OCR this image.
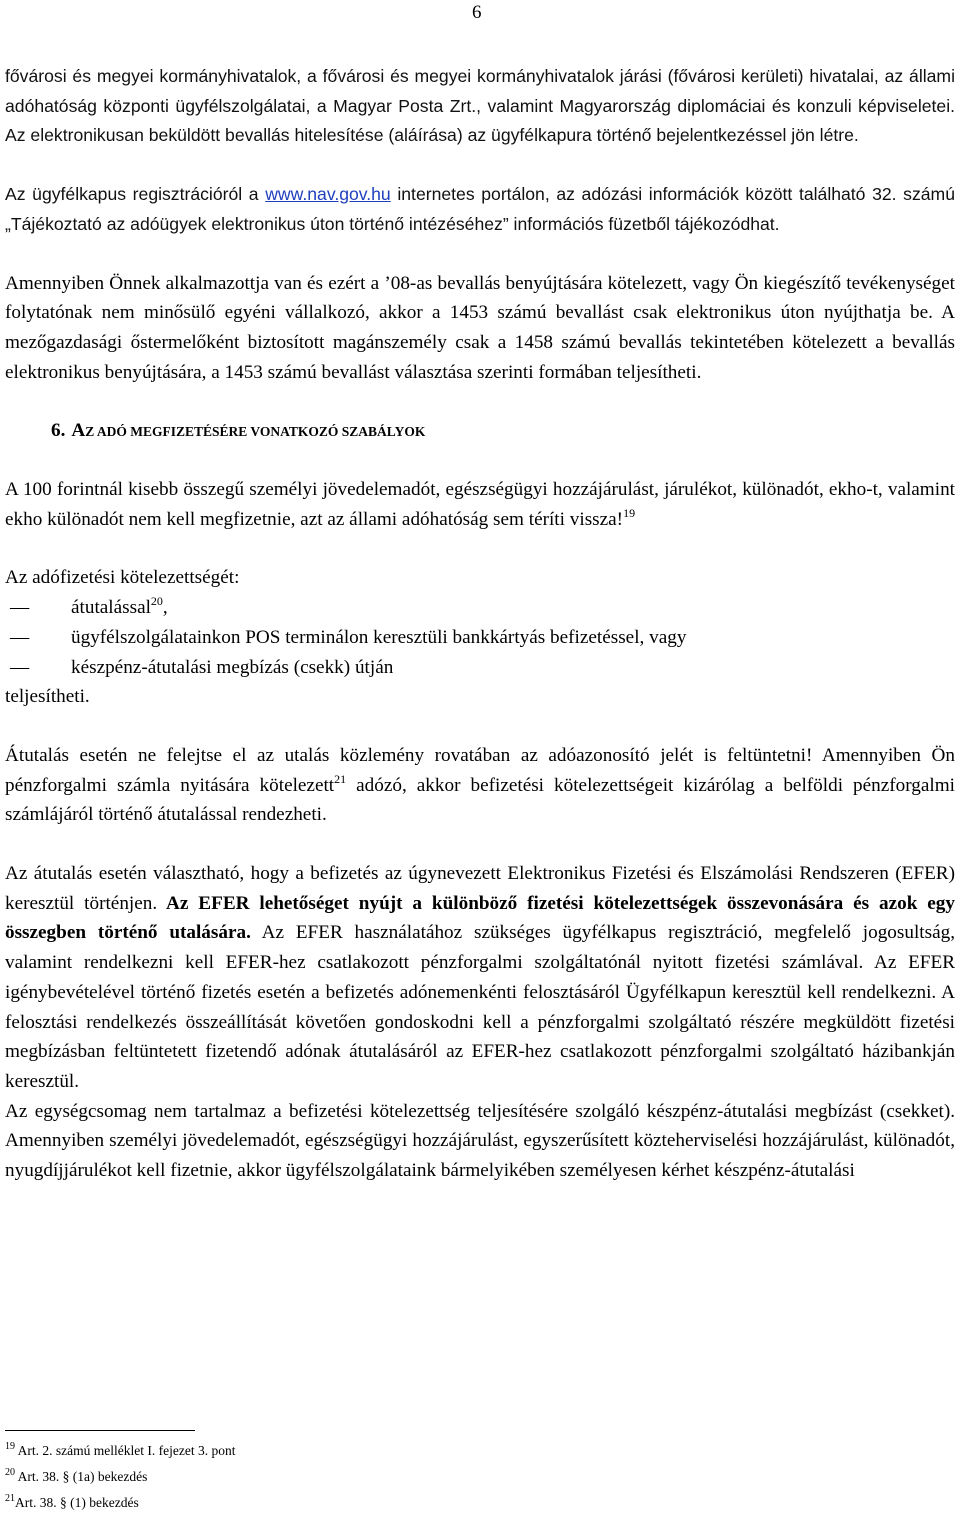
6

fővárosi és megyei kormányhivatalok, a fővárosi és megyei kormányhivatalok járási (fővárosi kerületi) hivatalai, az állami adóhatóság központi ügyfélszolgálatai, a Magyar Posta Zrt., valamint Magyarország diplomáciai és konzuli képviseletei. Az elektronikusan beküldött bevallás hitelesítése (aláírása) az ügyfélkapura történő bejelentkezéssel jön létre.

Az ügyfélkapus regisztrációról a www.nav.gov.hu internetes portálon, az adózási információk között található 32. számú „Tájékoztató az adóügyek elektronikus úton történő intézéséhez” információs füzetből tájékozódhat.

Amennyiben Önnek alkalmazottja van és ezért a ’08-as bevallás benyújtására kötelezett, vagy Ön kiegészítő tevékenységet folytatónak nem minősülő egyéni vállalkozó, akkor a 1453 számú bevallást csak elektronikus úton nyújthatja be. A mezőgazdasági őstermelőként biztosított magánszemély csak a 1458 számú bevallás tekintetében kötelezett a bevallás elektronikus benyújtására, a 1453 számú bevallást választása szerinti formában teljesítheti.

6. AZ ADÓ MEGFIZETÉSÉRE VONATKOZÓ SZABÁLYOK

A 100 forintnál kisebb összegű személyi jövedelemadót, egészségügyi hozzájárulást, járulékot, különadót, ekho-t, valamint ekho különadót nem kell megfizetnie, azt az állami adóhatóság sem téríti vissza!$^{19}$

Az adófizetési kötelezettségét:
— átutalással$^{20}$,
— ügyfélszolgálatainkon POS terminálon keresztüli bankkártyás befizetéssel, vagy
— készpénz-átutalási megbízás (csekk) útján
teljesítheti.

Átutalás esetén ne felejtse el az utalás közlemény rovatában az adóazonosító jelét is feltüntetni! Amennyiben Ön pénzforgalmi számla nyitására kötelezett$^{21}$ adózó, akkor befizetési kötelezettségeit kizárólag a belföldi pénzforgalmi számlájáról történő átutalással rendezheti.

Az átutalás esetén választható, hogy a befizetés az úgynevezett Elektronikus Fizetési és Elszámolási Rendszeren (EFER) keresztül történjen. Az EFER lehetőséget nyújt a különböző fizetési kötelezettségek összevonására és azok egy összegben történő utalására. Az EFER használatához szükséges ügyfélkapus regisztráció, megfelelő jogosultság, valamint rendelkezni kell EFER-hez csatlakozott pénzforgalmi szolgáltatónál nyitott fizetési számlával. Az EFER igénybevételével történő fizetés esetén a befizetés adónemenkénti felosztásáról Ügyfélkapun keresztül kell rendelkezni. A felosztási rendelkezés összeállítását követően gondoskodni kell a pénzforgalmi szolgáltató részére megküldött fizetési megbízásban feltüntetett fizetendő adónak átutalásáról az EFER-hez csatlakozott pénzforgalmi szolgáltató házibankján keresztül.

Az egységcsomag nem tartalmaz a befizetési kötelezettség teljesítésére szolgáló készpénz-átutalási megbízást (csekket). Amennyiben személyi jövedelemadót, egészségügyi hozzájárulást, egyszerűsített közteherviselési hozzájárulást, különadót, nyugdíjjárulékot kell fizetnie, akkor ügyfélszolgálataink bármelyikében személyesen kérhet készpénz-átutalási

$^{19}$ Art. 2. számú melléklet I. fejezet 3. pont
$^{20}$ Art. 38. § (1a) bekezdés
$^{21}$Art. 38. § (1) bekezdés
